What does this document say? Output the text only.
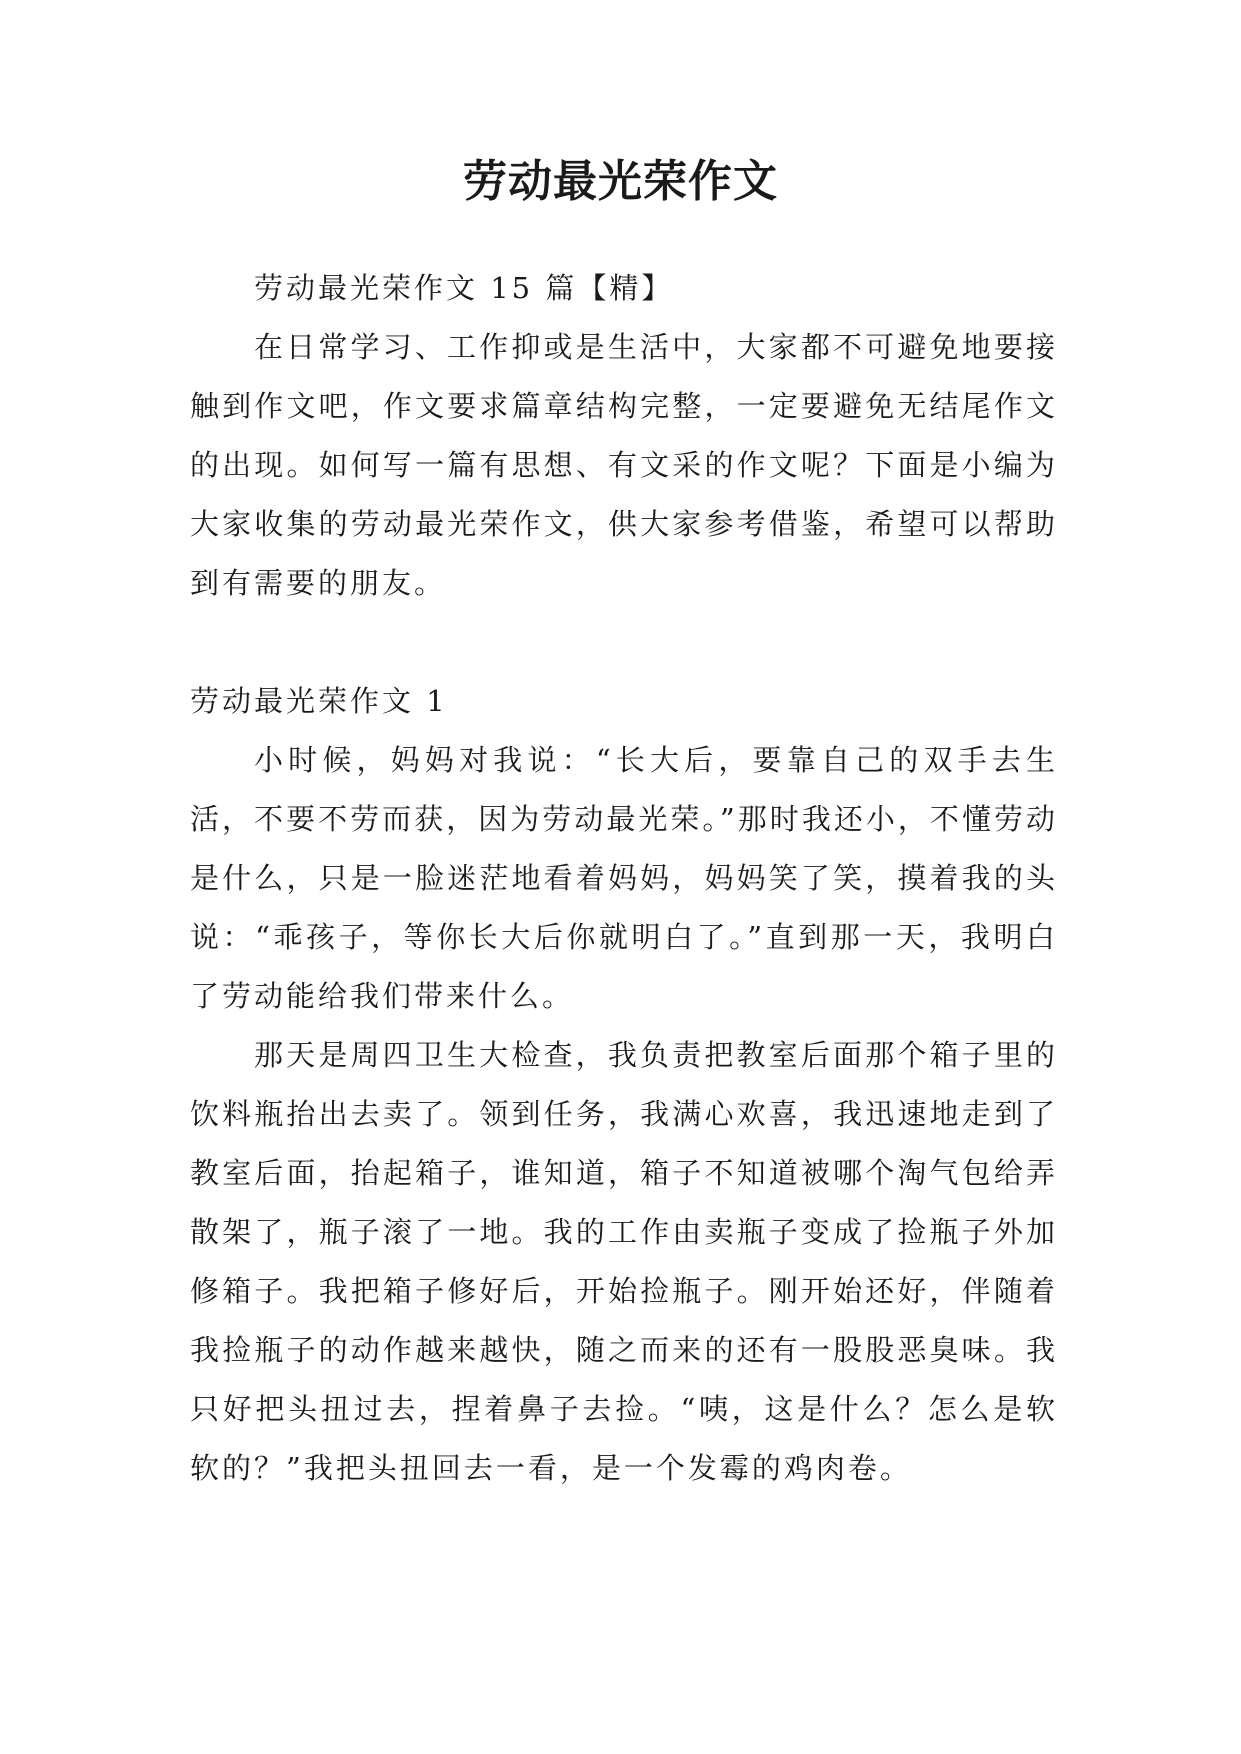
劳动最光荣作文

劳动最光荣作文 15 篇【精】

在日常学习、工作抑或是生活中，大家都不可避免地要接触到作文吧，作文要求篇章结构完整，一定要避免无结尾作文的出现。如何写一篇有思想、有文采的作文呢？下面是小编为大家收集的劳动最光荣作文，供大家参考借鉴，希望可以帮助到有需要的朋友。

劳动最光荣作文 1

小时候，妈妈对我说：“长大后，要靠自己的双手去生活，不要不劳而获，因为劳动最光荣。”那时我还小，不懂劳动是什么，只是一脸迷茫地看着妈妈，妈妈笑了笑，摸着我的头说：“乖孩子，等你长大后你就明白了。”直到那一天，我明白了劳动能给我们带来什么。

那天是周四卫生大检查，我负责把教室后面那个箱子里的饮料瓶抬出去卖了。领到任务，我满心欢喜，我迅速地走到了教室后面，抬起箱子，谁知道，箱子不知道被哪个淘气包给弄散架了，瓶子滚了一地。我的工作由卖瓶子变成了捡瓶子外加修箱子。我把箱子修好后，开始捡瓶子。刚开始还好，伴随着我捡瓶子的动作越来越快，随之而来的还有一股股恶臭味。我只好把头扭过去，捏着鼻子去捡。“咦，这是什么？怎么是软软的？”我把头扭回去一看，是一个发霉的鸡肉卷。
